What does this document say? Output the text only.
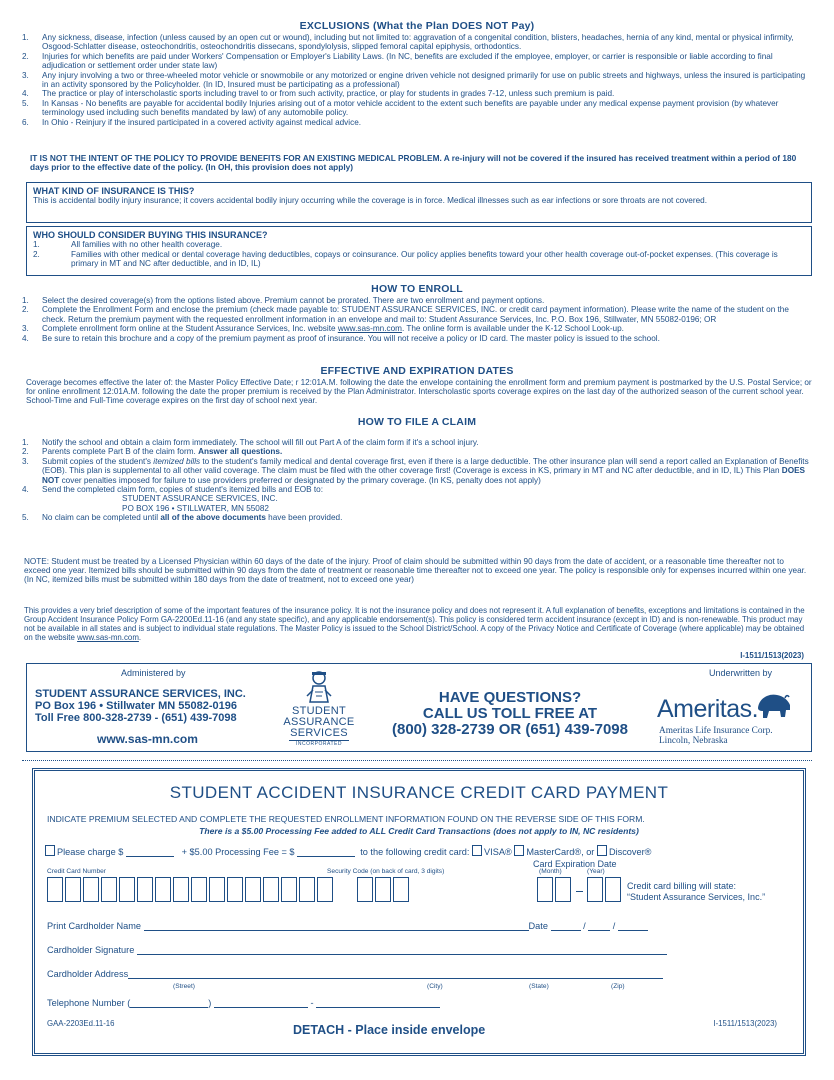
EXCLUSIONS (What the Plan DOES NOT Pay)
1. Any sickness, disease, infection (unless caused by an open cut or wound), including but not limited to: aggravation of a congenital condition, blisters, headaches, hernia of any kind, mental or physical infirmity, Osgood-Schlatter disease, osteochondritis, osteochondritis dissecans, spondylolysis, slipped femoral capital epiphysis, orthodontics.
2. Injuries for which benefits are paid under Workers' Compensation or Employer's Liability Laws. (In NC, benefits are excluded if the employee, employer, or carrier is responsible or liable according to final adjudication or settlement order under state law)
3. Any injury involving a two or three-wheeled motor vehicle or snowmobile or any motorized or engine driven vehicle not designed primarily for use on public streets and highways, unless the insured is participating in an activity sponsored by the Policyholder. (In ID, Insured must be participating as a professional)
4. The practice or play of interscholastic sports including travel to or from such activity, practice, or play for students in grades 7-12, unless such premium is paid.
5. In Kansas - No benefits are payable for accidental bodily Injuries arising out of a motor vehicle accident to the extent such benefits are payable under any medical expense payment provision (by whatever terminology used including such benefits mandated by law) of any automobile policy.
6. In Ohio - Reinjury if the insured participated in a covered activity against medical advice.
IT IS NOT THE INTENT OF THE POLICY TO PROVIDE BENEFITS FOR AN EXISTING MEDICAL PROBLEM. A re-injury will not be covered if the insured has received treatment within a period of 180 days prior to the effective date of the policy. (In OH, this provision does not apply)
WHAT KIND OF INSURANCE IS THIS?
This is accidental bodily injury insurance; it covers accidental bodily injury occurring while the coverage is in force. Medical illnesses such as ear infections or sore throats are not covered.
WHO SHOULD CONSIDER BUYING THIS INSURANCE?
1.	All families with no other health coverage.
2.	Families with other medical or dental coverage having deductibles, copays or coinsurance. Our policy applies benefits toward your other health coverage out-of-pocket expenses. (This coverage is primary in MT and NC after deductible, and in ID, IL)
HOW TO ENROLL
1. Select the desired coverage(s) from the options listed above. Premium cannot be prorated. There are two enrollment and payment options.
2. Complete the Enrollment Form and enclose the premium (check made payable to: STUDENT ASSURANCE SERVICES, INC. or credit card payment information). Please write the name of the student on the check. Return the premium payment with the requested enrollment information in an envelope and mail to: Student Assurance Services, Inc. P.O. Box 196, Stillwater, MN 55082-0196; OR
3. Complete enrollment form online at the Student Assurance Services, Inc. website www.sas-mn.com. The online form is available under the K-12 School Look-up.
4. Be sure to retain this brochure and a copy of the premium payment as proof of insurance. You will not receive a policy or ID card. The master policy is issued to the school.
EFFECTIVE AND EXPIRATION DATES
Coverage becomes effective the later of: the Master Policy Effective Date; r 12:01A.M. following the date the envelope containing the enrollment form and premium payment is postmarked by the U.S. Postal Service; or for online enrollment 12:01A.M. following the date the proper premium is received by the Plan Administrator. Interscholastic sports coverage expires on the last day of the authorized season of the current school year. School-Time and Full-Time coverage expires on the first day of school next year.
HOW TO FILE A CLAIM
1. Notify the school and obtain a claim form immediately. The school will fill out Part A of the claim form if it's a school injury.
2. Parents complete Part B of the claim form. Answer all questions.
3. Submit copies of the student's itemized bills to the student's family medical and dental coverage first, even if there is a large deductible. The other insurance plan will send a report called an Explanation of Benefits (EOB). This plan is supplemental to all other valid coverage. The claim must be filed with the other coverage first! (Coverage is excess in KS, primary in MT and NC after deductible, and in ID, IL) This Plan DOES NOT cover penalties imposed for failure to use providers preferred or designated by the primary coverage. (In KS, penalty does not apply)
4. Send the completed claim form, copies of student's itemized bills and EOB to:
STUDENT ASSURANCE SERVICES, INC.
PO BOX 196 • STILLWATER, MN 55082
5. No claim can be completed until all of the above documents have been provided.
NOTE: Student must be treated by a Licensed Physician within 60 days of the date of the injury. Proof of claim should be submitted within 90 days from the date of accident, or a reasonable time thereafter not to exceed one year. Itemized bills should be submitted within 90 days from the date of treatment or reasonable time thereafter not to exceed one year. The policy is responsible only for expenses incurred within one year. (In NC, itemized bills must be submitted within 180 days from the date of treatment, not to exceed one year)
This provides a very brief description of some of the important features of the insurance policy. It is not the insurance policy and does not represent it. A full explanation of benefits, exceptions and limitations is contained in the Group Accident Insurance Policy Form GA-2200Ed.11-16 (and any state specific), and any applicable endorsement(s). This policy is considered term accident insurance (except in ID) and is non-renewable. This product may not be available in all states and is subject to individual state regulations. The Master Policy is issued to the School District/School. A copy of the Privacy Notice and Certificate of Coverage (where applicable) may be obtained on the website www.sas-mn.com.
I-1511/1513(2023)
Administered by
STUDENT ASSURANCE SERVICES, INC.
PO Box 196 • Stillwater MN 55082-0196
Toll Free 800-328-2739 - (651) 439-7098
www.sas-mn.com
STUDENT
ASSURANCE
SERVICES
INCORPORATED
HAVE QUESTIONS?
CALL US TOLL FREE AT
(800) 328-2739 OR (651) 439-7098
Underwritten by
Ameritas.
Ameritas Life Insurance Corp.
Lincoln, Nebraska
STUDENT ACCIDENT INSURANCE CREDIT CARD PAYMENT
INDICATE PREMIUM SELECTED AND COMPLETE THE REQUESTED ENROLLMENT INFORMATION FOUND ON THE REVERSE SIDE OF THIS FORM.
There is a $5.00 Processing Fee added to ALL Credit Card Transactions (does not apply to IN, NC residents)
Please charge $	+ $5.00 Processing Fee = $	to the following credit card: VISA® MasterCard®, or Discover®
Credit Card Number	Security Code (on back of card, 3 digits)
Card Expiration Date
(Month)	(Year)
Credit card billing will state:
“Student Assurance Services, Inc.”
Print Cardholder Name	Date	/  /
Cardholder Signature
Cardholder Address
(Street)	(City)	(State)	(Zip)
Telephone Number (	)	-
GAA-2203Ed.11-16	DETACH - Place inside envelope	I-1511/1513(2023)
